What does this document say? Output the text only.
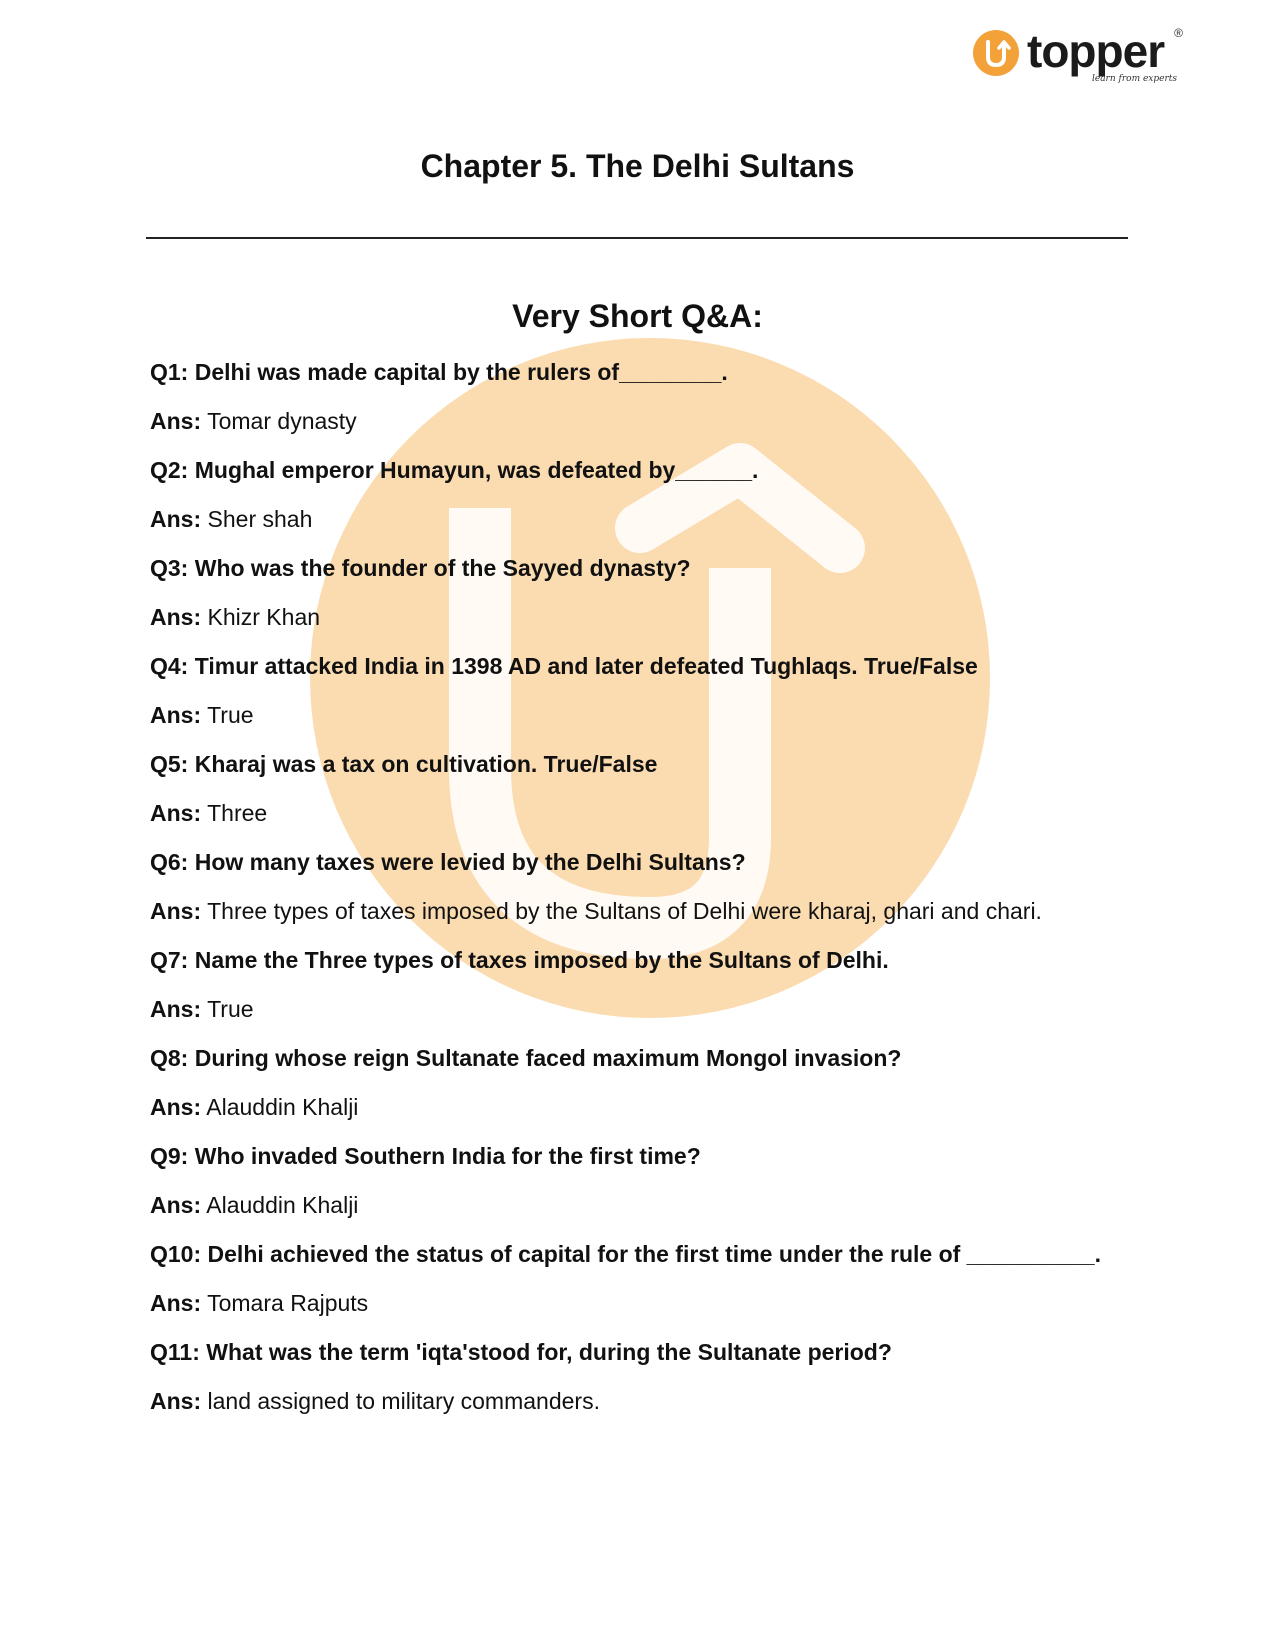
topper ®
learn from experts
Chapter 5. The Delhi Sultans
Very Short Q&A:

Q1: Delhi was made capital by the rulers of________.

Ans: Tomar dynasty

Q2: Mughal emperor Humayun, was defeated by______.

Ans: Sher shah

Q3: Who was the founder of the Sayyed dynasty?

Ans: Khizr Khan

Q4: Timur attacked India in 1398 AD and later defeated Tughlaqs. True/False

Ans: True

Q5: Kharaj was a tax on cultivation. True/False

Ans: Three

Q6: How many taxes were levied by the Delhi Sultans?

Ans: Three types of taxes imposed by the Sultans of Delhi were kharaj, ghari and chari.

Q7: Name the Three types of taxes imposed by the Sultans of Delhi.

Ans: True

Q8: During whose reign Sultanate faced maximum Mongol invasion?

Ans: Alauddin Khalji

Q9: Who invaded Southern India for the first time?

Ans: Alauddin Khalji

Q10: Delhi achieved the status of capital for the first time under the rule of __________.

Ans: Tomara Rajputs

Q11: What was the term 'iqta'stood for, during the Sultanate period?

Ans: land assigned to military commanders.
